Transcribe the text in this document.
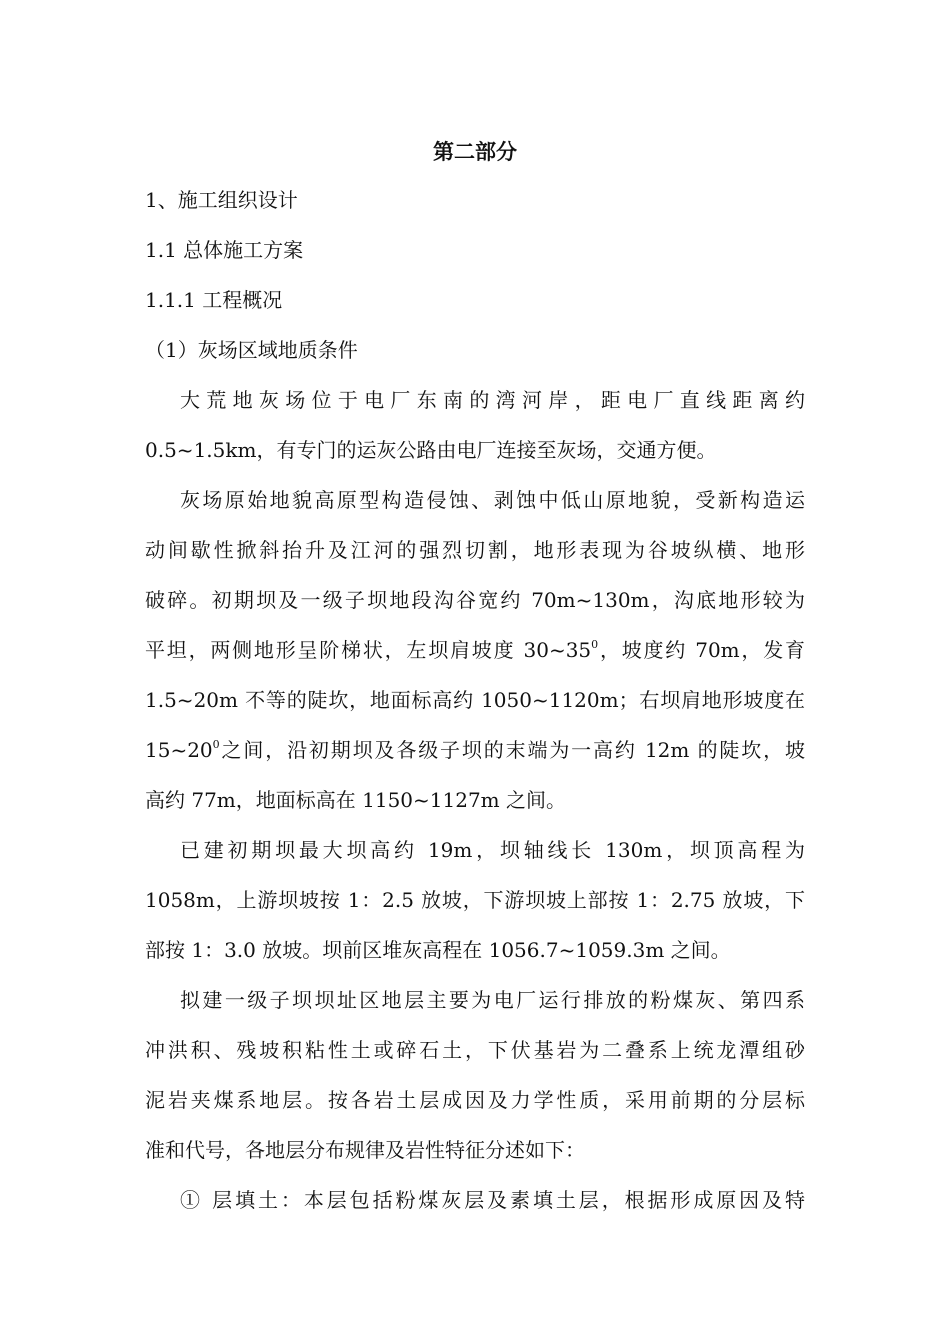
第二部分
1、施工组织设计
1.1 总体施工方案
1.1.1 工程概况
（1）灰场区域地质条件
大荒地灰场位于电厂东南的湾河岸，距电厂直线距离约
0.5~1.5km，有专门的运灰公路由电厂连接至灰场，交通方便。
灰场原始地貌高原型构造侵蚀、剥蚀中低山原地貌，受新构造运
动间歇性掀斜抬升及江河的强烈切割，地形表现为谷坡纵横、地形
破碎。初期坝及一级子坝地段沟谷宽约 70m~130m，沟底地形较为
平坦，两侧地形呈阶梯状，左坝肩坡度 $30\sim 35^0$，坡度约 70m，发育
1.5~20m 不等的陡坎，地面标高约 1050~1120m；右坝肩地形坡度在
$15\sim 20^0$之间，沿初期坝及各级子坝的末端为一高约 12m 的陡坎，坡
高约 77m，地面标高在 1150~1127m 之间。
已建初期坝最大坝高约 19m，坝轴线长 130m，坝顶高程为
1058m，上游坝坡按 1：2.5 放坡，下游坝坡上部按 1：2.75 放坡，下
部按 1：3.0 放坡。坝前区堆灰高程在 1056.7~1059.3m 之间。
拟建一级子坝坝址区地层主要为电厂运行排放的粉煤灰、第四系
冲洪积、残坡积粘性土或碎石土，下伏基岩为二叠系上统龙潭组砂
泥岩夹煤系地层。按各岩土层成因及力学性质，采用前期的分层标
准和代号，各地层分布规律及岩性特征分述如下：
① 层填土：本层包括粉煤灰层及素填土层，根据形成原因及特
